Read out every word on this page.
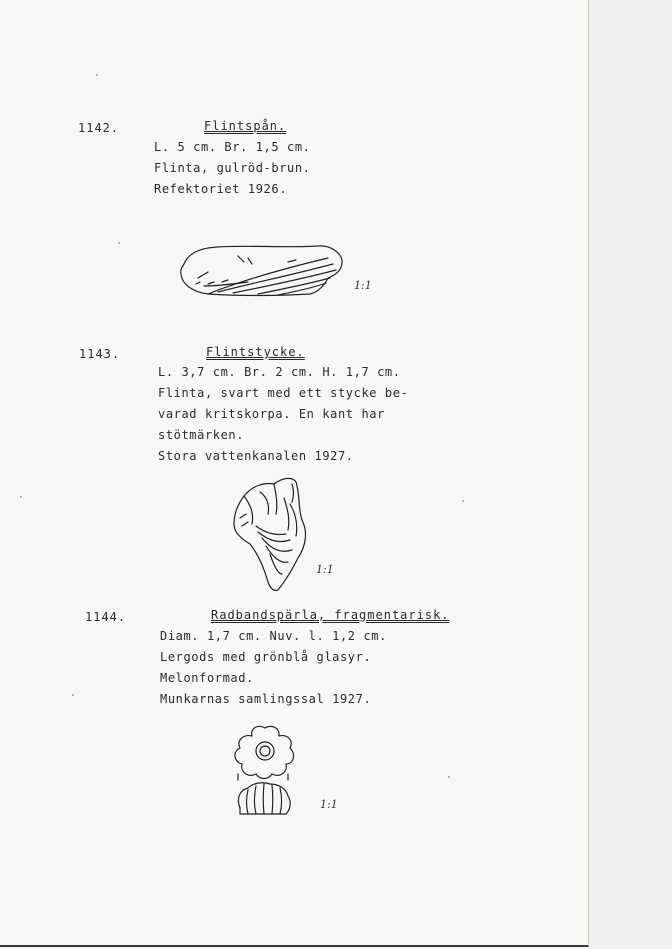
1142.	Flintspån.
L. 5 cm. Br. 1,5 cm.
Flinta, gulröd-brun.
Refektoriet 1926.
1:1
1143.	Flintstycke.
L. 3,7 cm. Br. 2 cm. H. 1,7 cm.
Flinta, svart med ett stycke be-
varad kritskorpa. En kant har
stötmärken.
Stora vattenkanalen 1927.
1:1
1144.	Radbandspärla, fragmentarisk.
Diam. 1,7 cm. Nuv. l. 1,2 cm.
Lergods med grönblå glasyr.
Melonformad.
Munkarnas samlingssal 1927.
1:1
